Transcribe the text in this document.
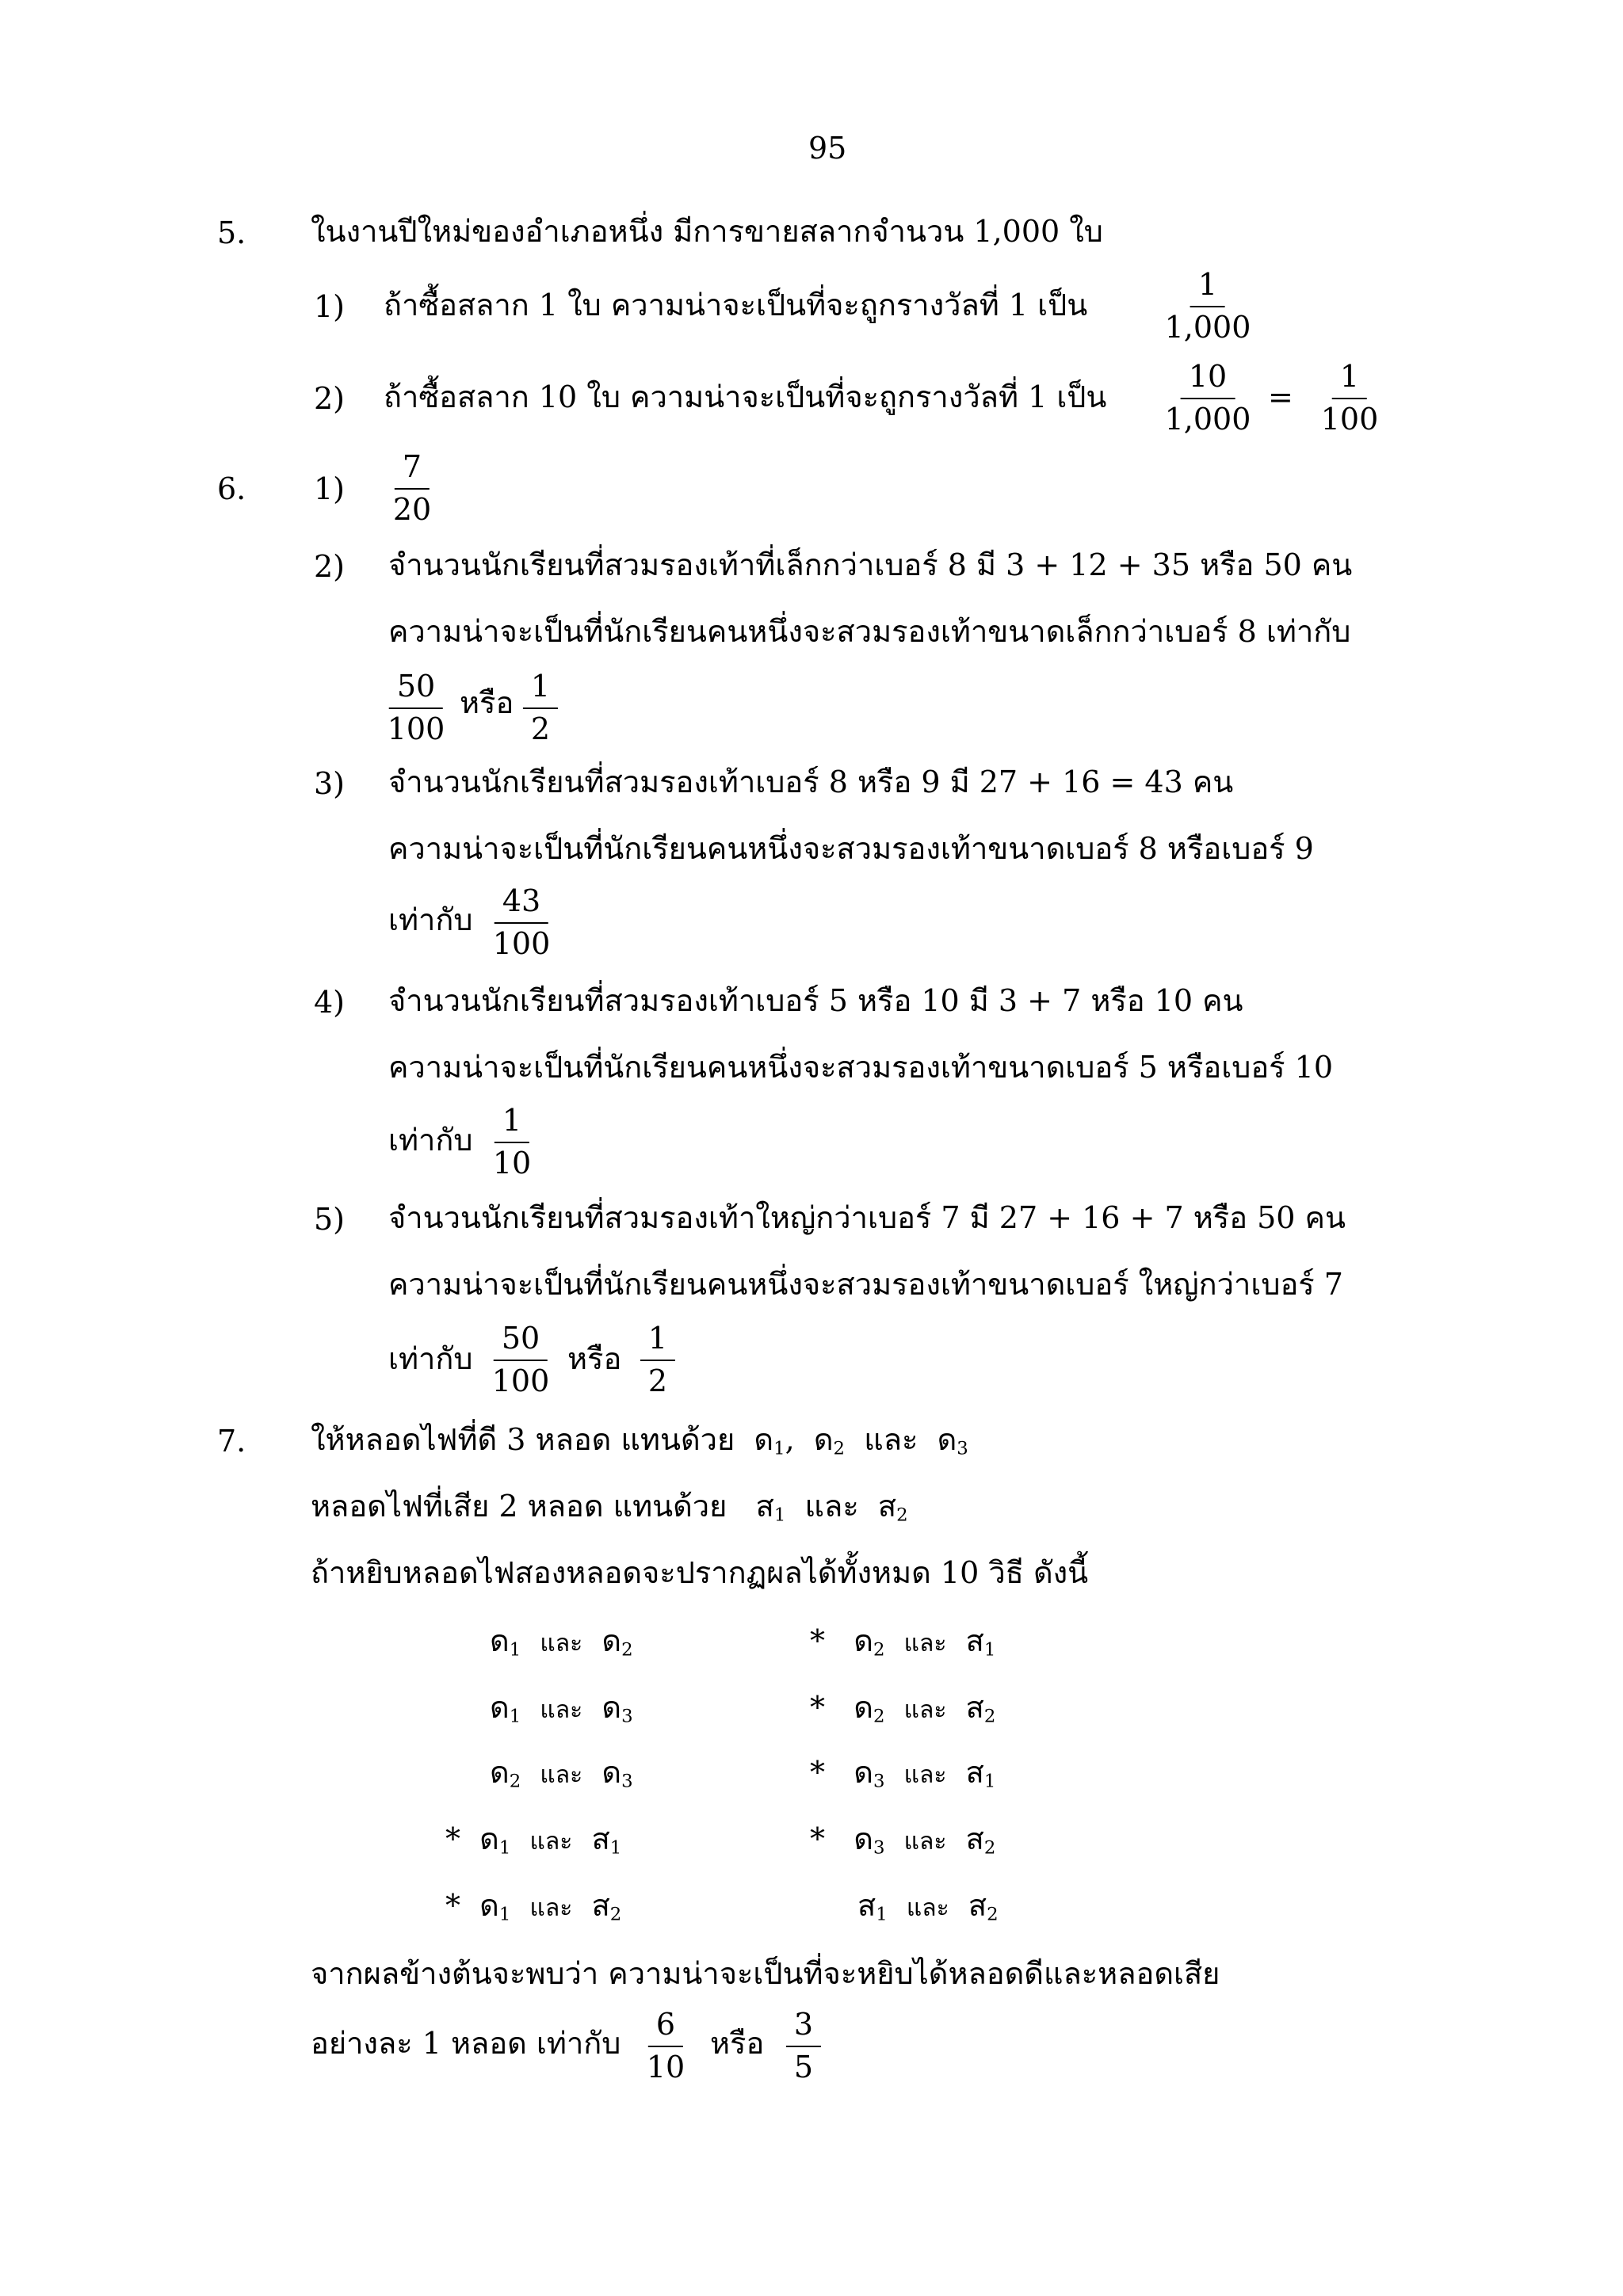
95
5. ในงานปีใหม่ของอำเภอหนึ่ง มีการขายสลากจำนวน 1,000 ใบ
1) ถ้าซื้อสลาก 1 ใบ ความน่าจะเป็นที่จะถูกรางวัลที่ 1 เป็น	$\frac{1}{1,000}$
2) ถ้าซื้อสลาก 10 ใบ ความน่าจะเป็นที่จะถูกรางวัลที่ 1 เป็น $\frac{10}{1,000} = \frac{1}{100}$
6. $1) \frac{7}{20}$
2) จำนวนนักเรียนที่สวมรองเท้าที่เล็กกว่าเบอร์ 8 มี 3 + 12 + 35 หรือ 50 คน
ความน่าจะเป็นที่นักเรียนคนหนึ่งจะสวมรองเท้าขนาดเล็กกว่าเบอร์ 8 เท่ากับ
$\frac{50}{100}$ หรือ $\frac{1}{2}$
3) จำนวนนักเรียนที่สวมรองเท้าเบอร์ 8 หรือ 9 มี 27 + 16 = 43 คน
ความน่าจะเป็นที่นักเรียนคนหนึ่งจะสวมรองเท้าขนาดเบอร์ 8 หรือเบอร์ 9
เท่ากับ $\frac{43}{100}$
4) จำนวนนักเรียนที่สวมรองเท้าเบอร์ 5 หรือ 10 มี 3 + 7 หรือ 10 คน
ความน่าจะเป็นที่นักเรียนคนหนึ่งจะสวมรองเท้าขนาดเบอร์ 5 หรือเบอร์ 10
เท่ากับ $\frac{1}{10}$
5) จำนวนนักเรียนที่สวมรองเท้าใหญ่กว่าเบอร์ 7 มี 27 + 16 + 7 หรือ 50 คน
ความน่าจะเป็นที่นักเรียนคนหนึ่งจะสวมรองเท้าขนาดเบอร์ ใหญ่กว่าเบอร์ 7
เท่ากับ $\frac{50}{100}$ หรือ $\frac{1}{2}$
7. ให้หลอดไฟที่ดี 3 หลอด แทนด้วย ด$_1$,  ด$_2$ และ ด$_3$
หลอดไฟที่เสีย 2 หลอด แทนด้วย ส$_1$ และ ส$_2$
ถ้าหยิบหลอดไฟสองหลอดจะปรากฏผลได้ทั้งหมด 10 วิธี ดังนี้
ด$_1$ และ ด$_2$
ด$_1$ และ ด$_3$
ด$_2$ และ ด$_3$
* ด$_1$ และ ส$_1$
* ด$_1$ และ ส$_2$
* ด$_2$ และ ส$_1$
* ด$_2$ และ ส$_2$
* ด$_3$ และ ส$_1$
* ด$_3$ และ ส$_2$
ส$_1$ และ ส$_2$
จากผลข้างต้นจะพบว่า ความน่าจะเป็นที่จะหยิบได้หลอดดีและหลอดเสีย
อย่างละ 1 หลอด เท่ากับ $\frac{6}{10}$ หรือ $\frac{3}{5}$
